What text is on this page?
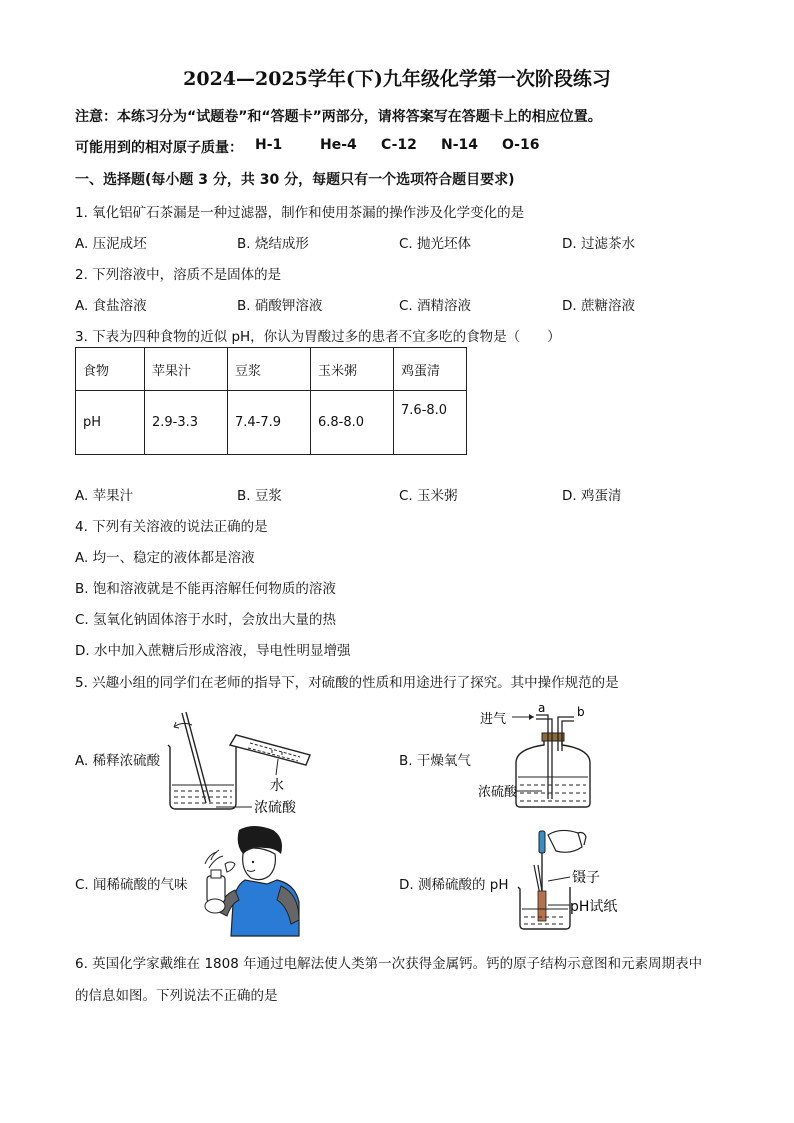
2024—2025学年(下)九年级化学第一次阶段练习
注意：本练习分为“试题卷”和“答题卡”两部分，请将答案写在答题卡上的相应位置。
可能用到的相对原子质量： H-1	He-4 C-12 N-14 O-16
一、选择题(每小题 3 分，共 30 分，每题只有一个选项符合题目要求)
1. 氧化铝矿石茶漏是一种过滤器，制作和使用茶漏的操作涉及化学变化的是
A. 压泥成坯	B. 烧结成形	C. 抛光坯体	D. 过滤茶水
2. 下列溶液中，溶质不是固体的是
A. 食盐溶液	B. 硝酸钾溶液	C. 酒精溶液	D. 蔗糖溶液
3. 下表为四种食物的近似 pH，你认为胃酸过多的患者不宜多吃的食物是（　　）
食物	苹果汁	豆浆	玉米粥	鸡蛋清
pH	2.9-3.3	7.4-7.9	6.8-8.0	7.6-8.0
A. 苹果汁	B. 豆浆	C. 玉米粥	D. 鸡蛋清
4. 下列有关溶液的说法正确的是
A. 均一、稳定的液体都是溶液
B. 饱和溶液就是不能再溶解任何物质的溶液
C. 氢氧化钠固体溶于水时，会放出大量的热
D. 水中加入蔗糖后形成溶液，导电性明显增强
5. 兴趣小组的同学们在老师的指导下，对硫酸的性质和用途进行了探究。其中操作规范的是
A. 稀释浓硫酸	B. 干燥氧气
C. 闻稀硫酸的气味	D. 测稀硫酸的 pH
水
浓硫酸
进气
a	b
浓硫酸
镊子
pH试纸
6. 英国化学家戴维在 1808 年通过电解法使人类第一次获得金属钙。钙的原子结构示意图和元素周期表中
的信息如图。下列说法不正确的是
